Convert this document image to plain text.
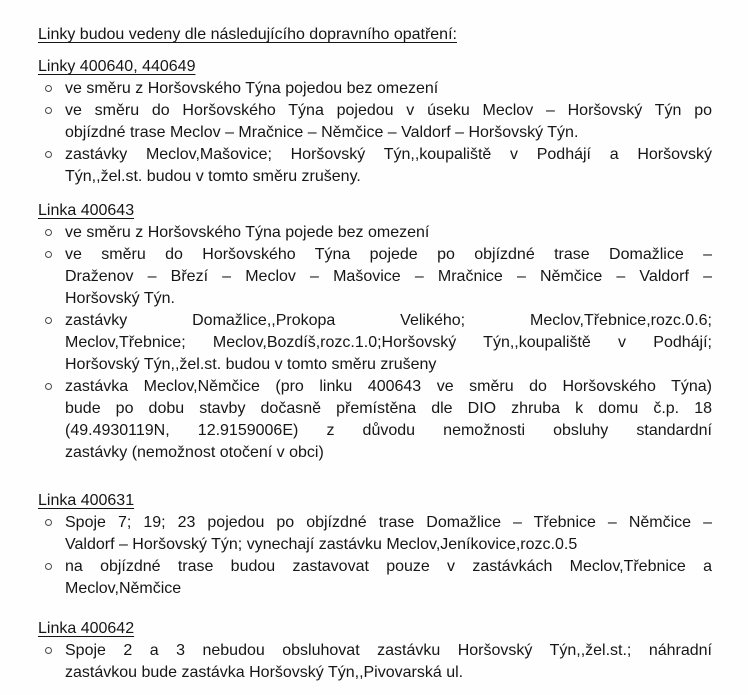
Linky budou vedeny dle následujícího dopravního opatření:
Linky 400640, 440649
ve směru z Horšovského Týna pojedou bez omezení
ve směru do Horšovského Týna pojedou v úseku Meclov – Horšovský Týn po
objízdné trase Meclov – Mračnice – Němčice – Valdorf – Horšovský Týn.
zastávky Meclov,Mašovice; Horšovský Týn,,koupaliště v Podhájí a Horšovský
Týn,,žel.st. budou v tomto směru zrušeny.
Linka 400643
ve směru z Horšovského Týna pojede bez omezení
ve směru do Horšovského Týna pojede po objízdné trase Domažlice –
Draženov – Březí – Meclov – Mašovice – Mračnice – Němčice – Valdorf –
Horšovský Týn.
zastávky Domažlice,,Prokopa Velikého; Meclov,Třebnice,rozc.0.6;
Meclov,Třebnice; Meclov,Bozdíš,rozc.1.0;Horšovský Týn,,koupaliště v Podhájí;
Horšovský Týn,,žel.st. budou v tomto směru zrušeny
zastávka Meclov,Němčice (pro linku 400643 ve směru do Horšovského Týna)
bude po dobu stavby dočasně přemístěna dle DIO zhruba k domu č.p. 18
(49.4930119N, 12.9159006E) z důvodu nemožnosti obsluhy standardní
zastávky (nemožnost otočení v obci)
Linka 400631
Spoje 7; 19; 23 pojedou po objízdné trase Domažlice – Třebnice – Němčice –
Valdorf – Horšovský Týn; vynechají zastávku Meclov,Jeníkovice,rozc.0.5
na objízdné trase budou zastavovat pouze v zastávkách Meclov,Třebnice a
Meclov,Němčice
Linka 400642
Spoje 2 a 3 nebudou obsluhovat zastávku Horšovský Týn,,žel.st.; náhradní
zastávkou bude zastávka Horšovský Týn,,Pivovarská ul.
